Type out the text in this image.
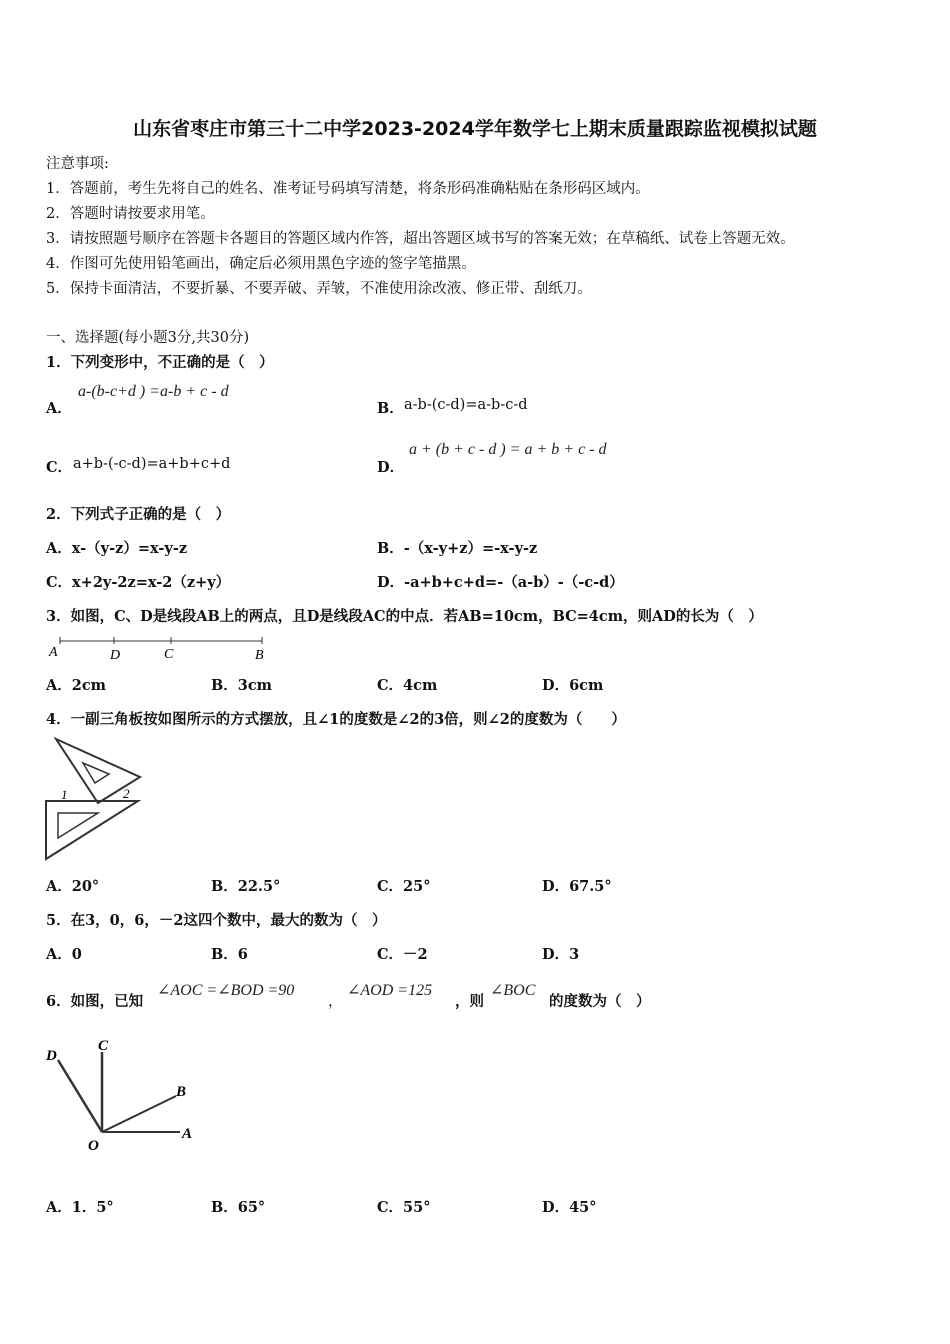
山东省枣庄市第三十二中学2023-2024学年数学七上期末质量跟踪监视模拟试题
注意事项:
1．答题前，考生先将自己的姓名、准考证号码填写清楚，将条形码准确粘贴在条形码区域内。
2．答题时请按要求用笔。
3．请按照题号顺序在答题卡各题目的答题区域内作答，超出答题区域书写的答案无效；在草稿纸、试卷上答题无效。
4．作图可先使用铅笔画出，确定后必须用黑色字迹的签字笔描黑。
5．保持卡面清洁，不要折暴、不要弄破、弄皱，不准使用涂改液、修正带、刮纸刀。
一、选择题(每小题3分,共30分)
1．下列变形中，不正确的是（　）
A．
a-(b-c+d ) =a-b + c - d
B． a-b-(c-d)=a-b-c-d
C． a+b-(-c-d)=a+b+c+d	D．
a + (b + c - d ) = a + b + c - d
2．下列式子正确的是（　）
A．x-（y-z）=x-y-z	B．-（x-y+z）=-x-y-z
C．x+2y-2z=x-2（z+y）	D．-a+b+c+d=-（a-b）-（-c-d）
3．如图，C、D是线段AB上的两点，且D是线段AC的中点．若AB=10cm，BC=4cm，则AD的长为（　）
A	D	C	B
A．2cm	B．3cm	C．4cm	D．6cm
4．一副三角板按如图所示的方式摆放，且∠1的度数是∠2的3倍，则∠2的度数为（　　）
1	2
A．20°	B．22.5°	C．25°	D．67.5°
5．在3，0，6，－2这四个数中，最大的数为（　）
A．0	B．6	C．－2	D．3
6．如图，已知
∠AOC =∠BOD =90
，
∠AOD =125
，则
∠BOC
的度数为（　）
D
C
B
O
A
A．1．5°	B．65°	C．55°	D．45°
